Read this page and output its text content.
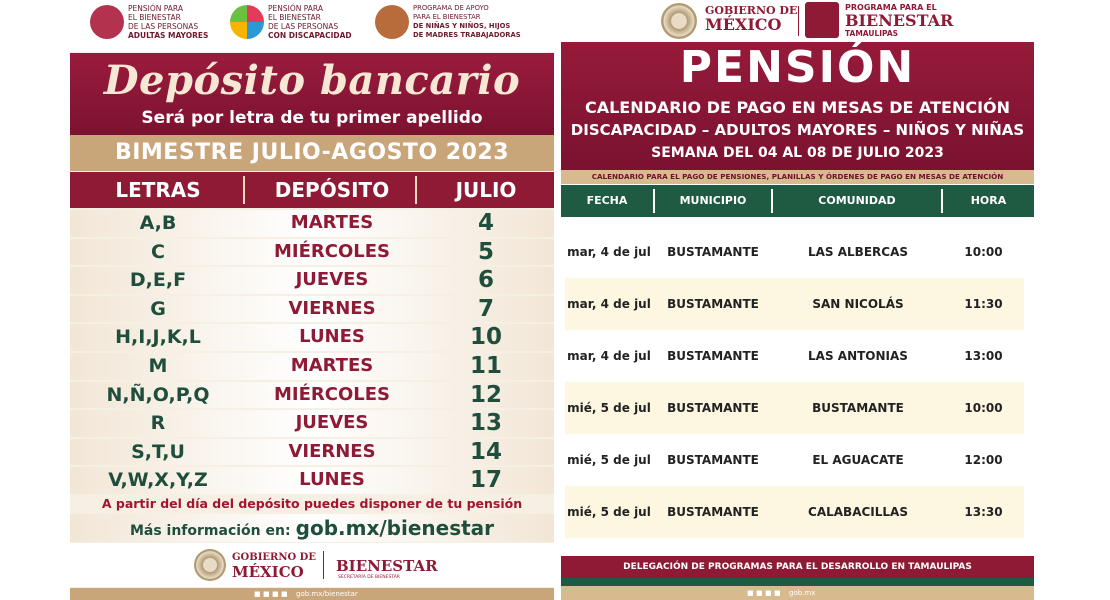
PENSIÓN PARA
EL BIENESTAR
DE LAS PERSONAS
ADULTAS MAYORES
PENSIÓN PARA
EL BIENESTAR
DE LAS PERSONAS
CON DISCAPACIDAD
PROGRAMA DE APOYO
PARA EL BIENESTAR
DE NIÑAS Y NIÑOS, HIJOS
DE MADRES TRABAJADORAS
Depósito bancario
Será por letra de tu primer apellido
BIMESTRE JULIO-AGOSTO 2023
LETRAS	DEPÓSITO	JULIO
A,B	MARTES	4
C	MIÉRCOLES	5
D,E,F	JUEVES	6
G	VIERNES	7
H,I,J,K,L	LUNES	10
M	MARTES	11
N,Ñ,O,P,Q	MIÉRCOLES	12
R	JUEVES	13
S,T,U	VIERNES	14
V,W,X,Y,Z	LUNES	17
A partir del día del depósito puedes disponer de tu pensión
Más información en: gob.mx/bienestar
GOBIERNO DE
MÉXICO BIENESTAR
SECRETARÍA DE BIENESTAR
■ ■ ■ ■ gob.mx/bienestar
GOBIERNO DE
MÉXICO
PROGRAMA PARA EL
BIENESTAR
TAMAULIPAS
PENSIÓN
CALENDARIO DE PAGO EN MESAS DE ATENCIÓN
DISCAPACIDAD – ADULTOS MAYORES – NIÑOS Y NIÑAS
SEMANA DEL 04 AL 08 DE JULIO 2023
CALENDARIO PARA EL PAGO DE PENSIONES, PLANILLAS Y ÓRDENES DE PAGO EN MESAS DE ATENCIÓN
FECHA	MUNICIPIO	COMUNIDAD	HORA
mar, 4 de jul	BUSTAMANTE	LAS ALBERCAS	10:00
mar, 4 de jul	BUSTAMANTE	SAN NICOLÁS	11:30
mar, 4 de jul	BUSTAMANTE	LAS ANTONIAS	13:00
mié, 5 de jul	BUSTAMANTE	BUSTAMANTE	10:00
mié, 5 de jul	BUSTAMANTE	EL AGUACATE	12:00
mié, 5 de jul	BUSTAMANTE	CALABACILLAS	13:30
DELEGACIÓN DE PROGRAMAS PARA EL DESARROLLO EN TAMAULIPAS
■ ■ ■ ■ gob.mx
